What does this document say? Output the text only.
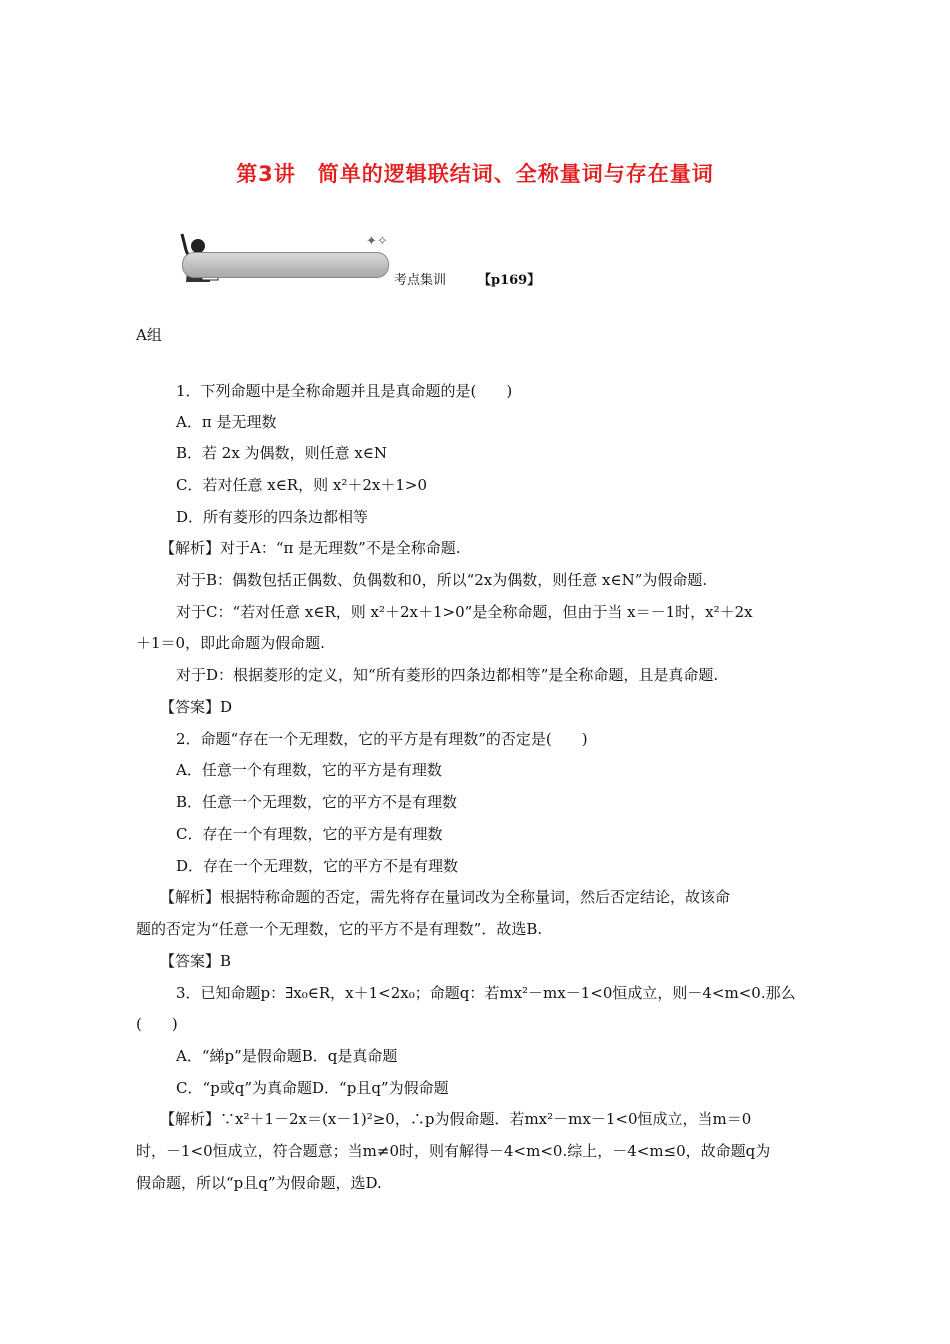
第3讲　简单的逻辑联结词、全称量词与存在量词
✦✧
考点集训 【p169】
A组
1．下列命题中是全称命题并且是真命题的是(　　)
A．π 是无理数
B．若 2x 为偶数，则任意 x∈N
C．若对任意 x∈R，则 x²＋2x＋1>0
D．所有菱形的四条边都相等
【解析】对于A：“π 是无理数”不是全称命题.
对于B：偶数包括正偶数、负偶数和0，所以“2x为偶数，则任意 x∈N”为假命题.
对于C：“若对任意 x∈R，则 x²＋2x＋1>0”是全称命题，但由于当 x＝－1时，x²＋2x
＋1＝0，即此命题为假命题.
对于D：根据菱形的定义，知“所有菱形的四条边都相等”是全称命题，且是真命题.
【答案】D
2．命题“存在一个无理数，它的平方是有理数”的否定是(　　)
A．任意一个有理数，它的平方是有理数
B．任意一个无理数，它的平方不是有理数
C．存在一个有理数，它的平方是有理数
D．存在一个无理数，它的平方不是有理数
【解析】根据特称命题的否定，需先将存在量词改为全称量词，然后否定结论，故该命
题的否定为“任意一个无理数，它的平方不是有理数”．故选B.
【答案】B
3．已知命题p：∃x₀∈R，x＋1<2x₀；命题q：若mx²－mx－1<0恒成立，则－4<m<0.那么
(　　)
A．“綈p”是假命题B．q是真命题
C．“p或q”为真命题D．“p且q”为假命题
【解析】∵x²＋1－2x＝(x－1)²≥0，∴p为假命题．若mx²－mx－1<0恒成立，当m＝0
时，－1<0恒成立，符合题意；当m≠0时，则有解得－4<m<0.综上，－4<m≤0，故命题q为
假命题，所以“p且q”为假命题，选D.
